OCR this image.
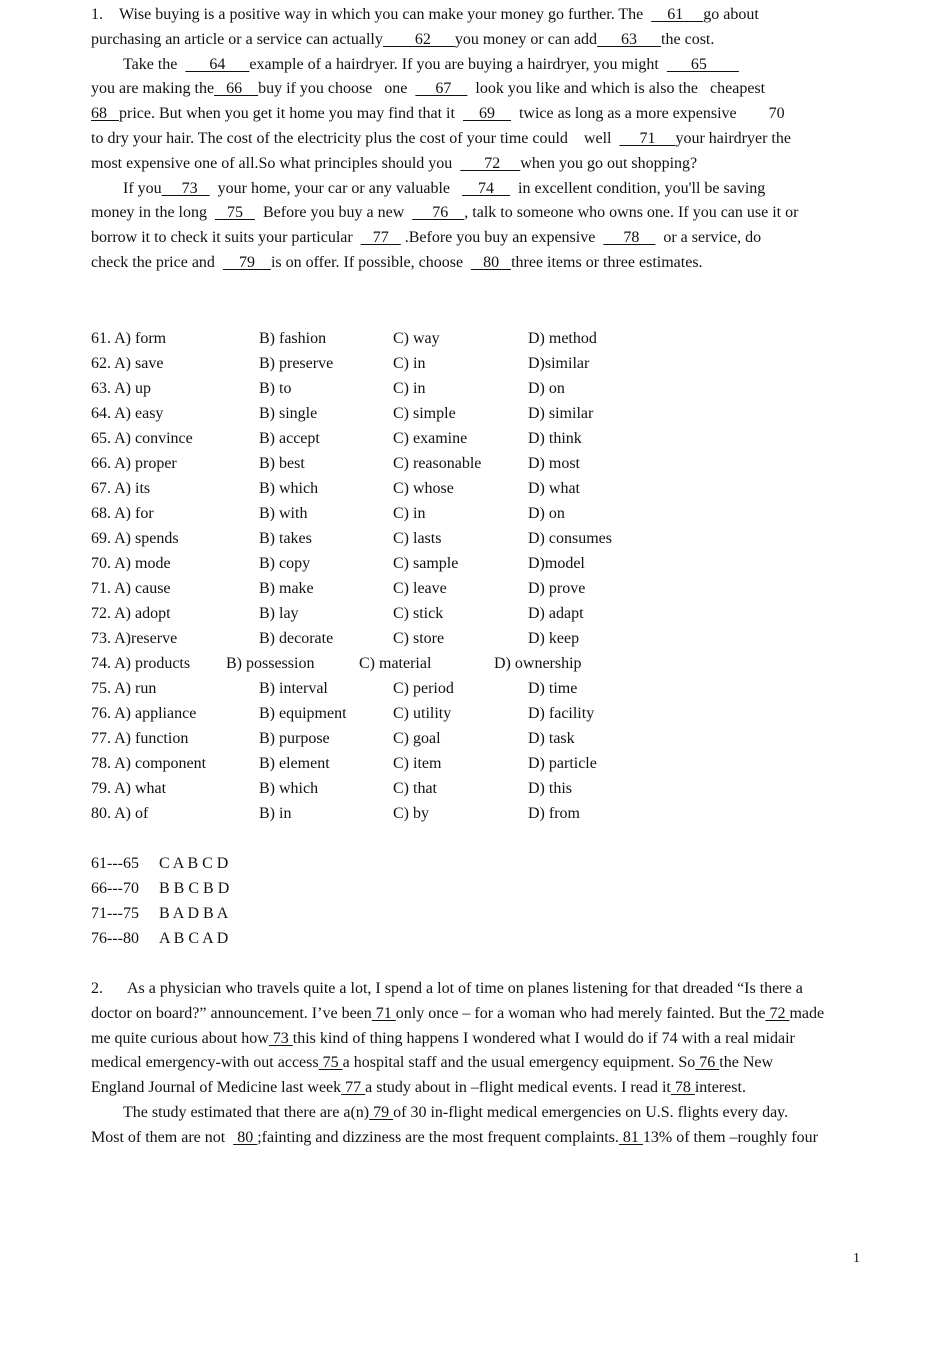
1.    Wise buying is a positive way in which you can make your money go further. The      61     go about
purchasing an article or a service can actually        62      you money or can add      63      the cost.
Take the        64      example of a hairdryer. If you are buying a hairdryer, you might        65
you are making the   66    buy if you choose   one       67      look you like and which is also the   cheapest
68   price. But when you get it home you may find that it      69      twice as long as a more expensive        70
to dry your hair. The cost of the electricity plus the cost of your time could    well       71     your hairdryer the
most expensive one of all.So what principles should you        72     when you go out shopping?
If you     73     your home, your car or any valuable       74      in excellent condition, you'll be saving
money in the long     75     Before you buy a new       76    , talk to someone who owns one. If you can use it or
borrow it to check it suits your particular     77    .Before you buy an expensive       78      or a service, do
check the price and      79    is on offer. If possible, choose     80   three items or three estimates.
61. A) form	B) fashion	C) way	D) method
62. A) save	B) preserve	C) in	D)similar
63. A) up	B) to	C) in	D) on
64. A) easy	B) single	C) simple	D) similar
65. A) convince	B) accept	C) examine	D) think
66. A) proper	B) best	C) reasonable	D) most
67. A) its	B) which	C) whose	D) what
68. A) for	B) with	C) in	D) on
69. A) spends	B) takes	C) lasts	D) consumes
70. A) mode	B) copy	C) sample	D)model
71. A) cause	B) make	C) leave	D) prove
72. A) adopt	B) lay	C) stick	D) adapt
73. A)reserve	B) decorate	C) store	D) keep
74. A) products B) possession	C) material	D) ownership
75. A) run	B) interval	C) period	D) time
76. A) appliance	B) equipment	C) utility	D) facility
77. A) function	B) purpose	C) goal	D) task
78. A) component	B) element	C) item	D) particle
79. A) what	B) which	C) that	D) this
80. A) of	B) in	C) by	D) from
61---65 C A B C D
66---70 B B C B D
71---75 B A D B A
76---80 A B C A D
2.      As a physician who travels quite a lot, I spend a lot of time on planes listening for that dreaded “Is there a
doctor on board?” announcement. I’ve been 71 only once – for a woman who had merely fainted. But the 72 made
me quite curious about how 73 this kind of thing happens I wondered what I would do if 74 with a real midair
medical emergency-with out access 75 a hospital staff and the usual emergency equipment. So 76 the New
England Journal of Medicine last week 77 a study about in –flight medical events. I read it 78 interest.
The study estimated that there are a(n) 79 of 30 in-flight medical emergencies on U.S. flights every day.
Most of them are not   80 ;fainting and dizziness are the most frequent complaints. 81 13% of them –roughly four
1
